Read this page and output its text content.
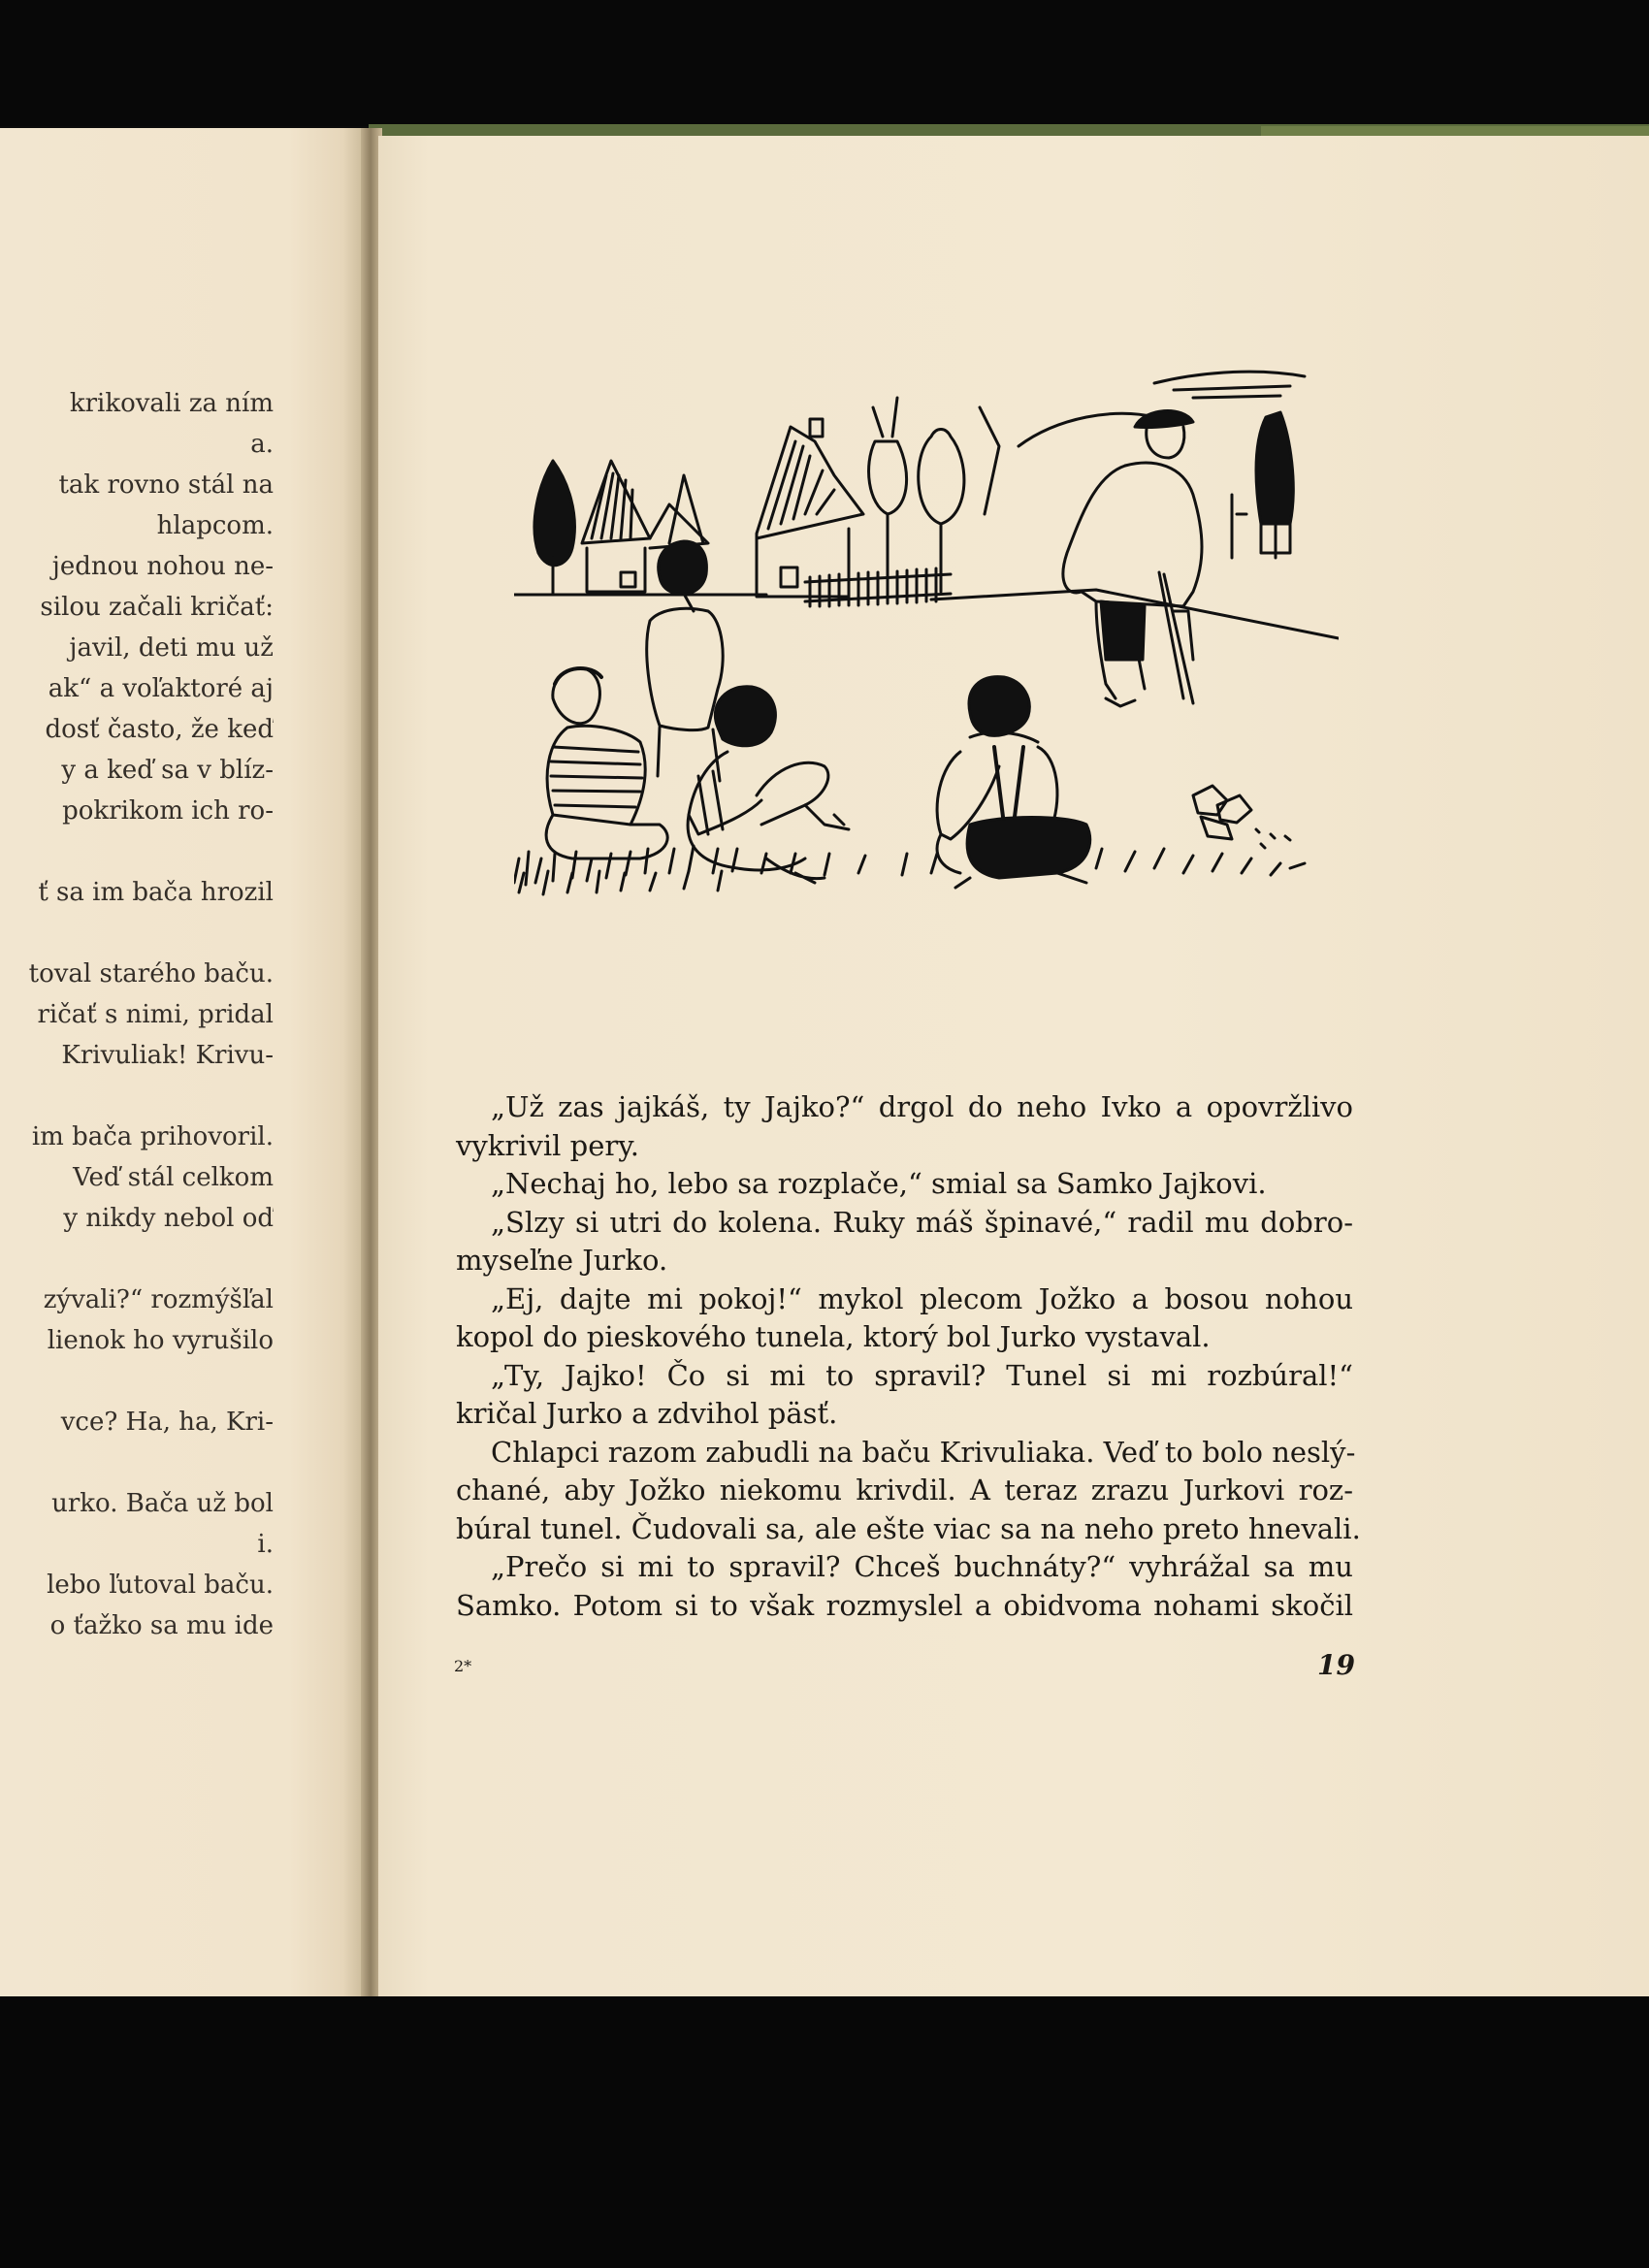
krikovali za ním
a.
tak rovno stál na
hlapcom.
jednou nohou ne-
silou začali kričať:
javil, deti mu už
ak“ a voľaktoré aj
dosť často, že keď
y a keď sa v blíz-
pokrikom ich ro-
ť sa im bača hrozil
toval starého baču.
ričať s nimi, pridal
Krivuliak! Krivu-
im bača prihovoril.
Veď stál celkom
y nikdy nebol oď
zývali?“ rozmýšľal
lienok ho vyrušilo
vce? Ha, ha, Kri-
urko. Bača už bol
i.
lebo ľutoval baču.
o ťažko sa mu ide
„Už zas jajkáš, ty Jajko?“ drgol do neho Ivko a opovržlivo
vykrivil pery.
„Nechaj ho, lebo sa rozplače,“ smial sa Samko Jajkovi.
„Slzy si utri do kolena. Ruky máš špinavé,“ radil mu dobro-
myseľne Jurko.
„Ej, dajte mi pokoj!“ mykol plecom Jožko a bosou nohou
kopol do pieskového tunela, ktorý bol Jurko vystaval.
„Ty, Jajko! Čo si mi to spravil? Tunel si mi rozbúral!“
kričal Jurko a zdvihol päsť.
Chlapci razom zabudli na baču Krivuliaka. Veď to bolo neslý-
chané, aby Jožko niekomu krivdil. A teraz zrazu Jurkovi roz-
búral tunel. Čudovali sa, ale ešte viac sa na neho preto hnevali.
„Prečo si mi to spravil? Chceš buchnáty?“ vyhrážal sa mu
Samko. Potom si to však rozmyslel a obidvoma nohami skočil
2*	19
